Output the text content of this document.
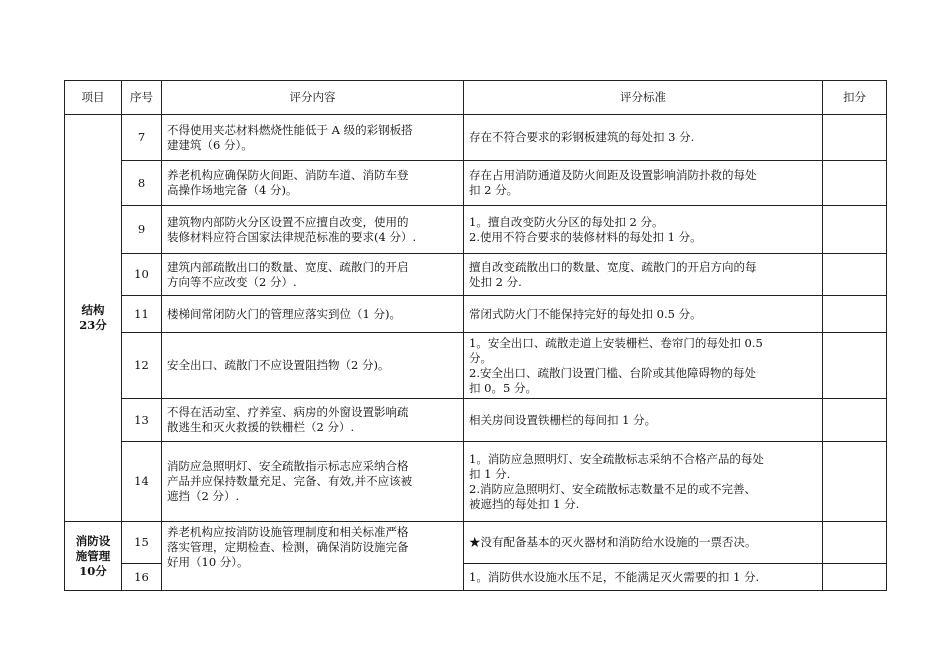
项目	序号	评分内容	评分标准	扣分

结构
23分	7	不得使用夹芯材料燃烧性能低于 A 级的彩钢板搭
建建筑（6 分）。	存在不符合要求的彩钢板建筑的每处扣 3 分.	

	8	养老机构应确保防火间距、消防车道、消防车登
高操作场地完备（4 分)。	存在占用消防通道及防火间距及设置影响消防扑救的每处
扣 2 分。	

	9	建筑物内部防火分区设置不应擅自改变，使用的
装修材料应符合国家法律规范标准的要求(4 分）.	1。擅自改变防火分区的每处扣 2 分。
2.使用不符合要求的装修材料的每处扣 1 分。	

	10	建筑内部疏散出口的数量、宽度、疏散门的开启
方向等不应改变（2 分）.	擅自改变疏散出口的数量、宽度、疏散门的开启方向的每
处扣 2 分.	

	11	楼梯间常闭防火门的管理应落实到位（1 分)。	常闭式防火门不能保持完好的每处扣 0.5 分。	

	12	安全出口、疏散门不应设置阻挡物（2 分)。	1。安全出口、疏散走道上安装栅栏、卷帘门的每处扣 0.5
分。
2.安全出口、疏散门设置门槛、台阶或其他障碍物的每处
扣 0。5 分。	

	13	不得在活动室、疗养室、病房的外窗设置影响疏
散逃生和灭火救援的铁栅栏（2 分）.	相关房间设置铁栅栏的每间扣 1 分。	

	14	消防应急照明灯、安全疏散指示标志应采纳合格
产品并应保持数量充足、完备、有效,并不应该被
遮挡（2 分）.	1。消防应急照明灯、安全疏散标志采纳不合格产品的每处
扣 1 分.
2.消防应急照明灯、安全疏散标志数量不足的或不完善、
被遮挡的每处扣 1 分.	

消防设
施管理
10分	15	养老机构应按消防设施管理制度和相关标准严格
落实管理，定期检查、检测，确保消防设施完备
好用（10 分）。	★没有配备基本的灭火器材和消防给水设施的一票否决。	

	16		1。消防供水设施水压不足，不能满足灭火需要的扣 1 分.	
